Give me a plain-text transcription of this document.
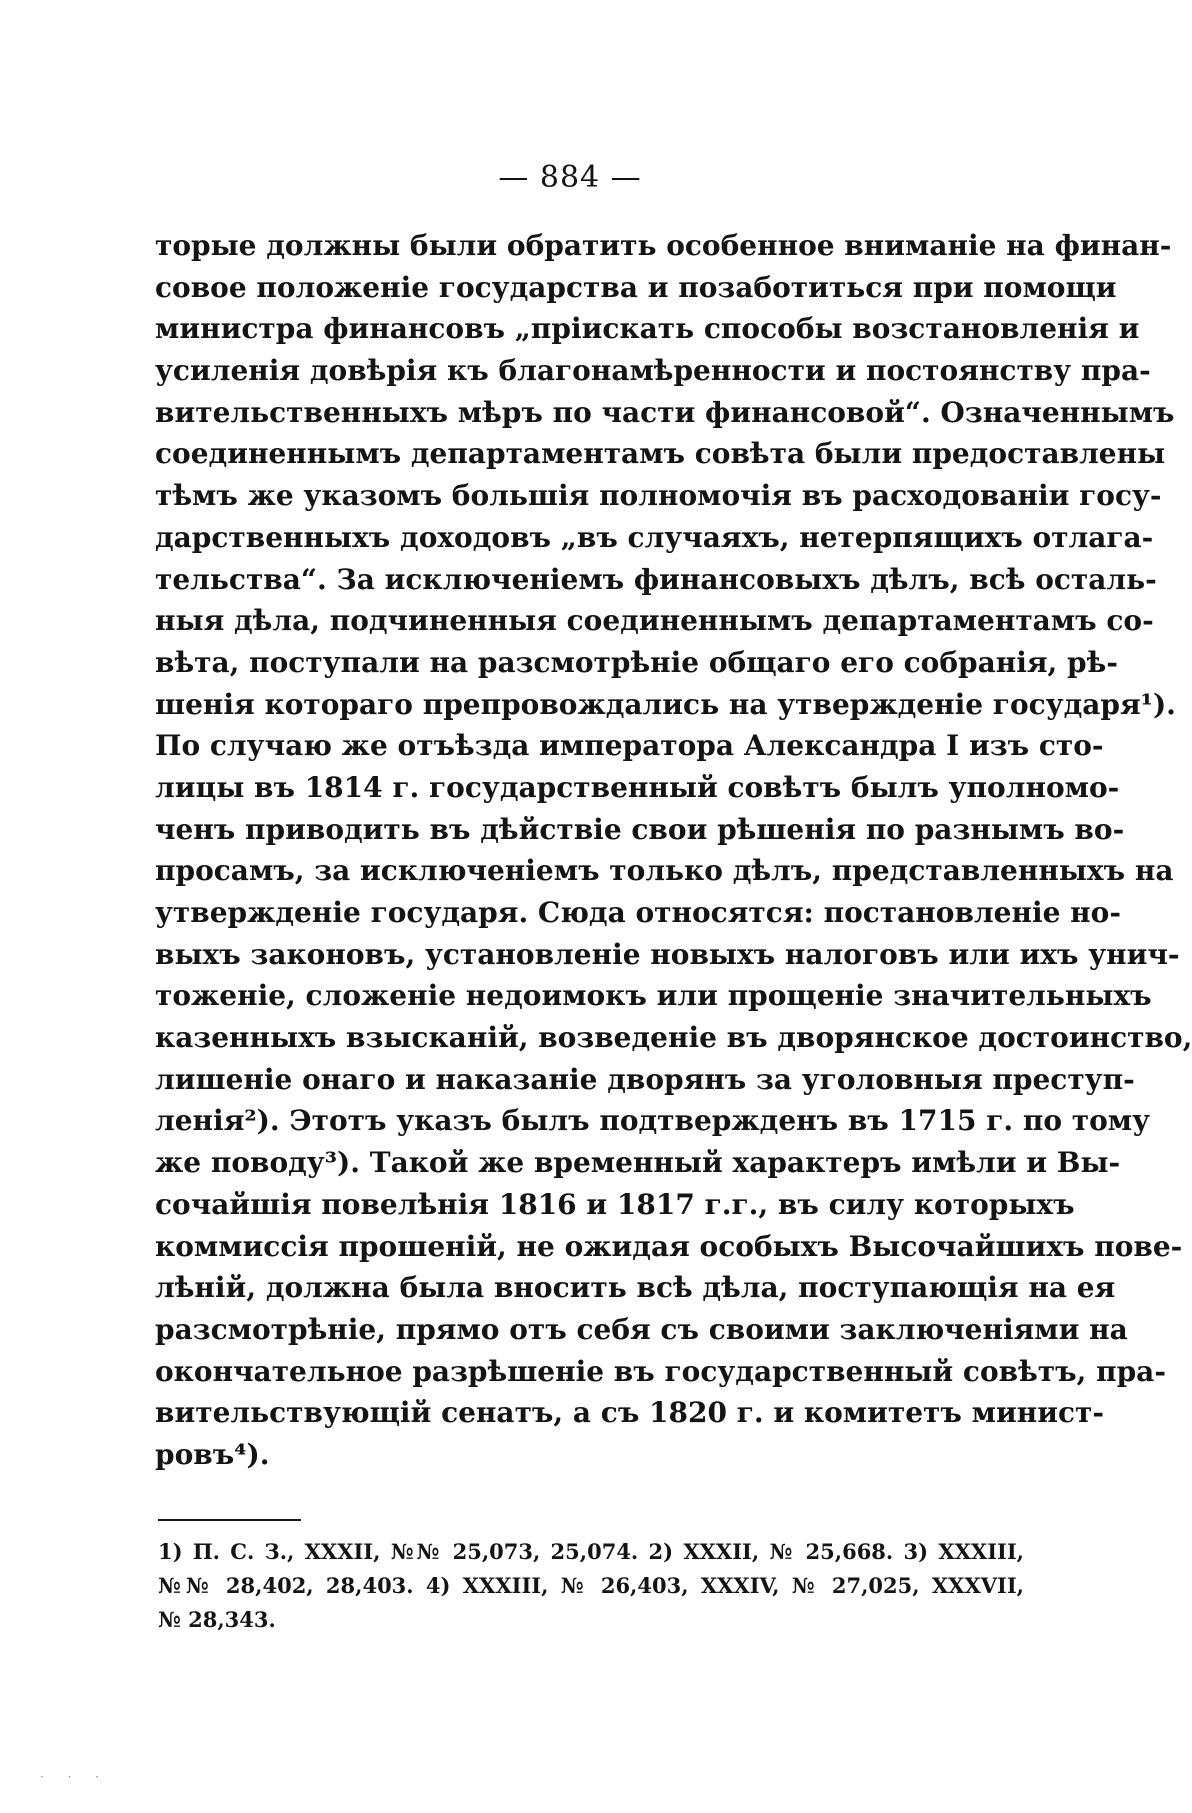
— 884 —
торые должны были обратить особенное вниманіе на финан-
совое положеніе государства и позаботиться при помощи
министра финансовъ „пріискать способы возстановленія и
усиленія довѣрія къ благонамѣренности и постоянству пра-
вительственныхъ мѣръ по части финансовой“. Означеннымъ
соединеннымъ департаментамъ совѣта были предоставлены
тѣмъ же указомъ большія полномочія въ расходованіи госу-
дарственныхъ доходовъ „въ случаяхъ, нетерпящихъ отлага-
тельства“. За исключеніемъ финансовыхъ дѣлъ, всѣ осталь-
ныя дѣла, подчиненныя соединеннымъ департаментамъ со-
вѣта, поступали на разсмотрѣніе общаго его собранія, рѣ-
шенія котораго препровождались на утвержденіе государя¹).
По случаю же отъѣзда императора Александра I изъ сто-
лицы въ 1814 г. государственный совѣтъ былъ уполномо-
ченъ приводить въ дѣйствіе свои рѣшенія по разнымъ во-
просамъ, за исключеніемъ только дѣлъ, представленныхъ на
утвержденіе государя. Сюда относятся: постановленіе но-
выхъ законовъ, установленіе новыхъ налоговъ или ихъ унич-
тоженіе, сложеніе недоимокъ или прощеніе значительныхъ
казенныхъ взысканій, возведеніе въ дворянское достоинство,
лишеніе онаго и наказаніе дворянъ за уголовныя преступ-
ленія²). Этотъ указъ былъ подтвержденъ въ 1715 г. по тому
же поводу³). Такой же временный характеръ имѣли и Вы-
сочайшія повелѣнія 1816 и 1817 г.г., въ силу которыхъ
коммиссія прошеній, не ожидая особыхъ Высочайшихъ пове-
лѣній, должна была вносить всѣ дѣла, поступающія на ея
разсмотрѣніе, прямо отъ себя съ своими заключеніями на
окончательное разрѣшеніе въ государственный совѣтъ, пра-
вительствующій сенатъ, а съ 1820 г. и комитетъ минист-
ровъ⁴).
1) П. С. З., XXXII, №№ 25,073, 25,074. 2) XXXII, № 25,668. 3) XXXIII,
№№ 28,402, 28,403. 4) XXXIII, № 26,403, XXXIV, № 27,025, XXXVII,
№ 28,343.
· · ·
